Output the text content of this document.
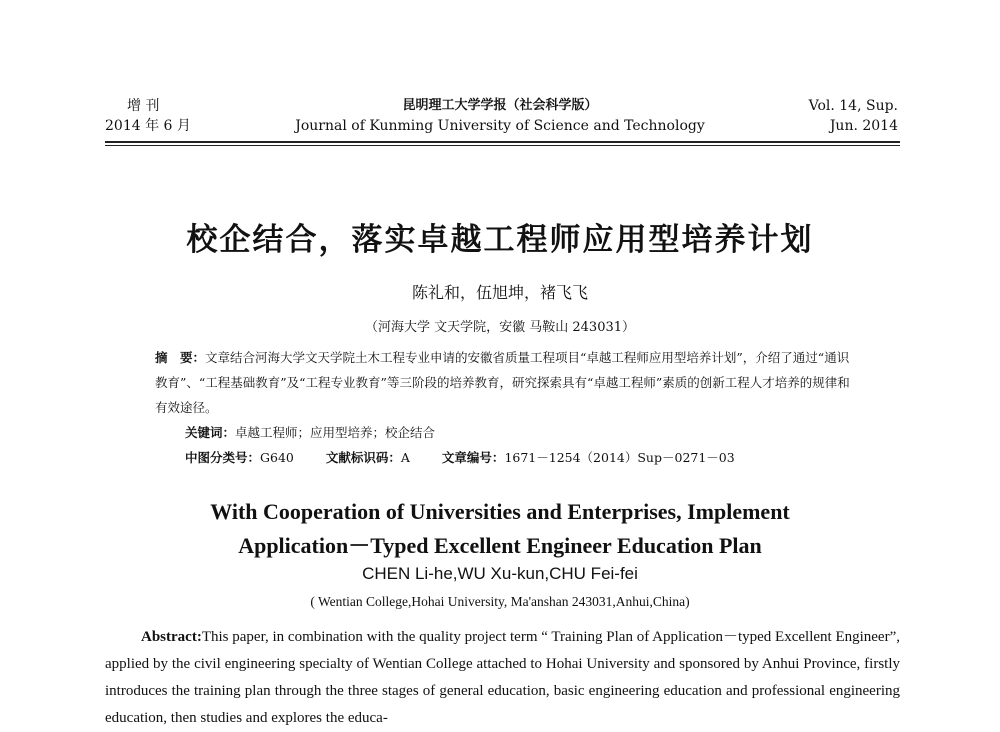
增 刊
2014 年 6 月
昆明理工大学学报（社会科学版）
Journal of Kunming University of Science and Technology
Vol. 14, Sup.
Jun. 2014
校企结合，落实卓越工程师应用型培养计划
陈礼和，伍旭坤，褚飞飞
（河海大学 文天学院，安徽 马鞍山 243031）
摘　要：文章结合河海大学文天学院土木工程专业申请的安徽省质量工程项目“卓越工程师应用型培养计划”，介绍了通过“通识教育”、“工程基础教育”及“工程专业教育”等三阶段的培养教育，研究探索具有“卓越工程师”素质的创新工程人才培养的规律和有效途径。
关键词：卓越工程师；应用型培养；校企结合
中图分类号：G640	文献标识码：A	文章编号：1671－1254（2014）Sup－0271－03
With Cooperation of Universities and Enterprises, Implement
Application－Typed Excellent Engineer Education Plan
CHEN Li-he,WU Xu-kun,CHU Fei-fei
( Wentian College,Hohai University, Ma'anshan 243031,Anhui,China)
Abstract:This paper, in combination with the quality project term “ Training Plan of Application－typed Excellent Engineer”, applied by the civil engineering specialty of Wentian College attached to Hohai University and sponsored by Anhui Province, firstly introduces the training plan through the three stages of general education, basic engineering education and professional engineering education, then studies and explores the educa-
